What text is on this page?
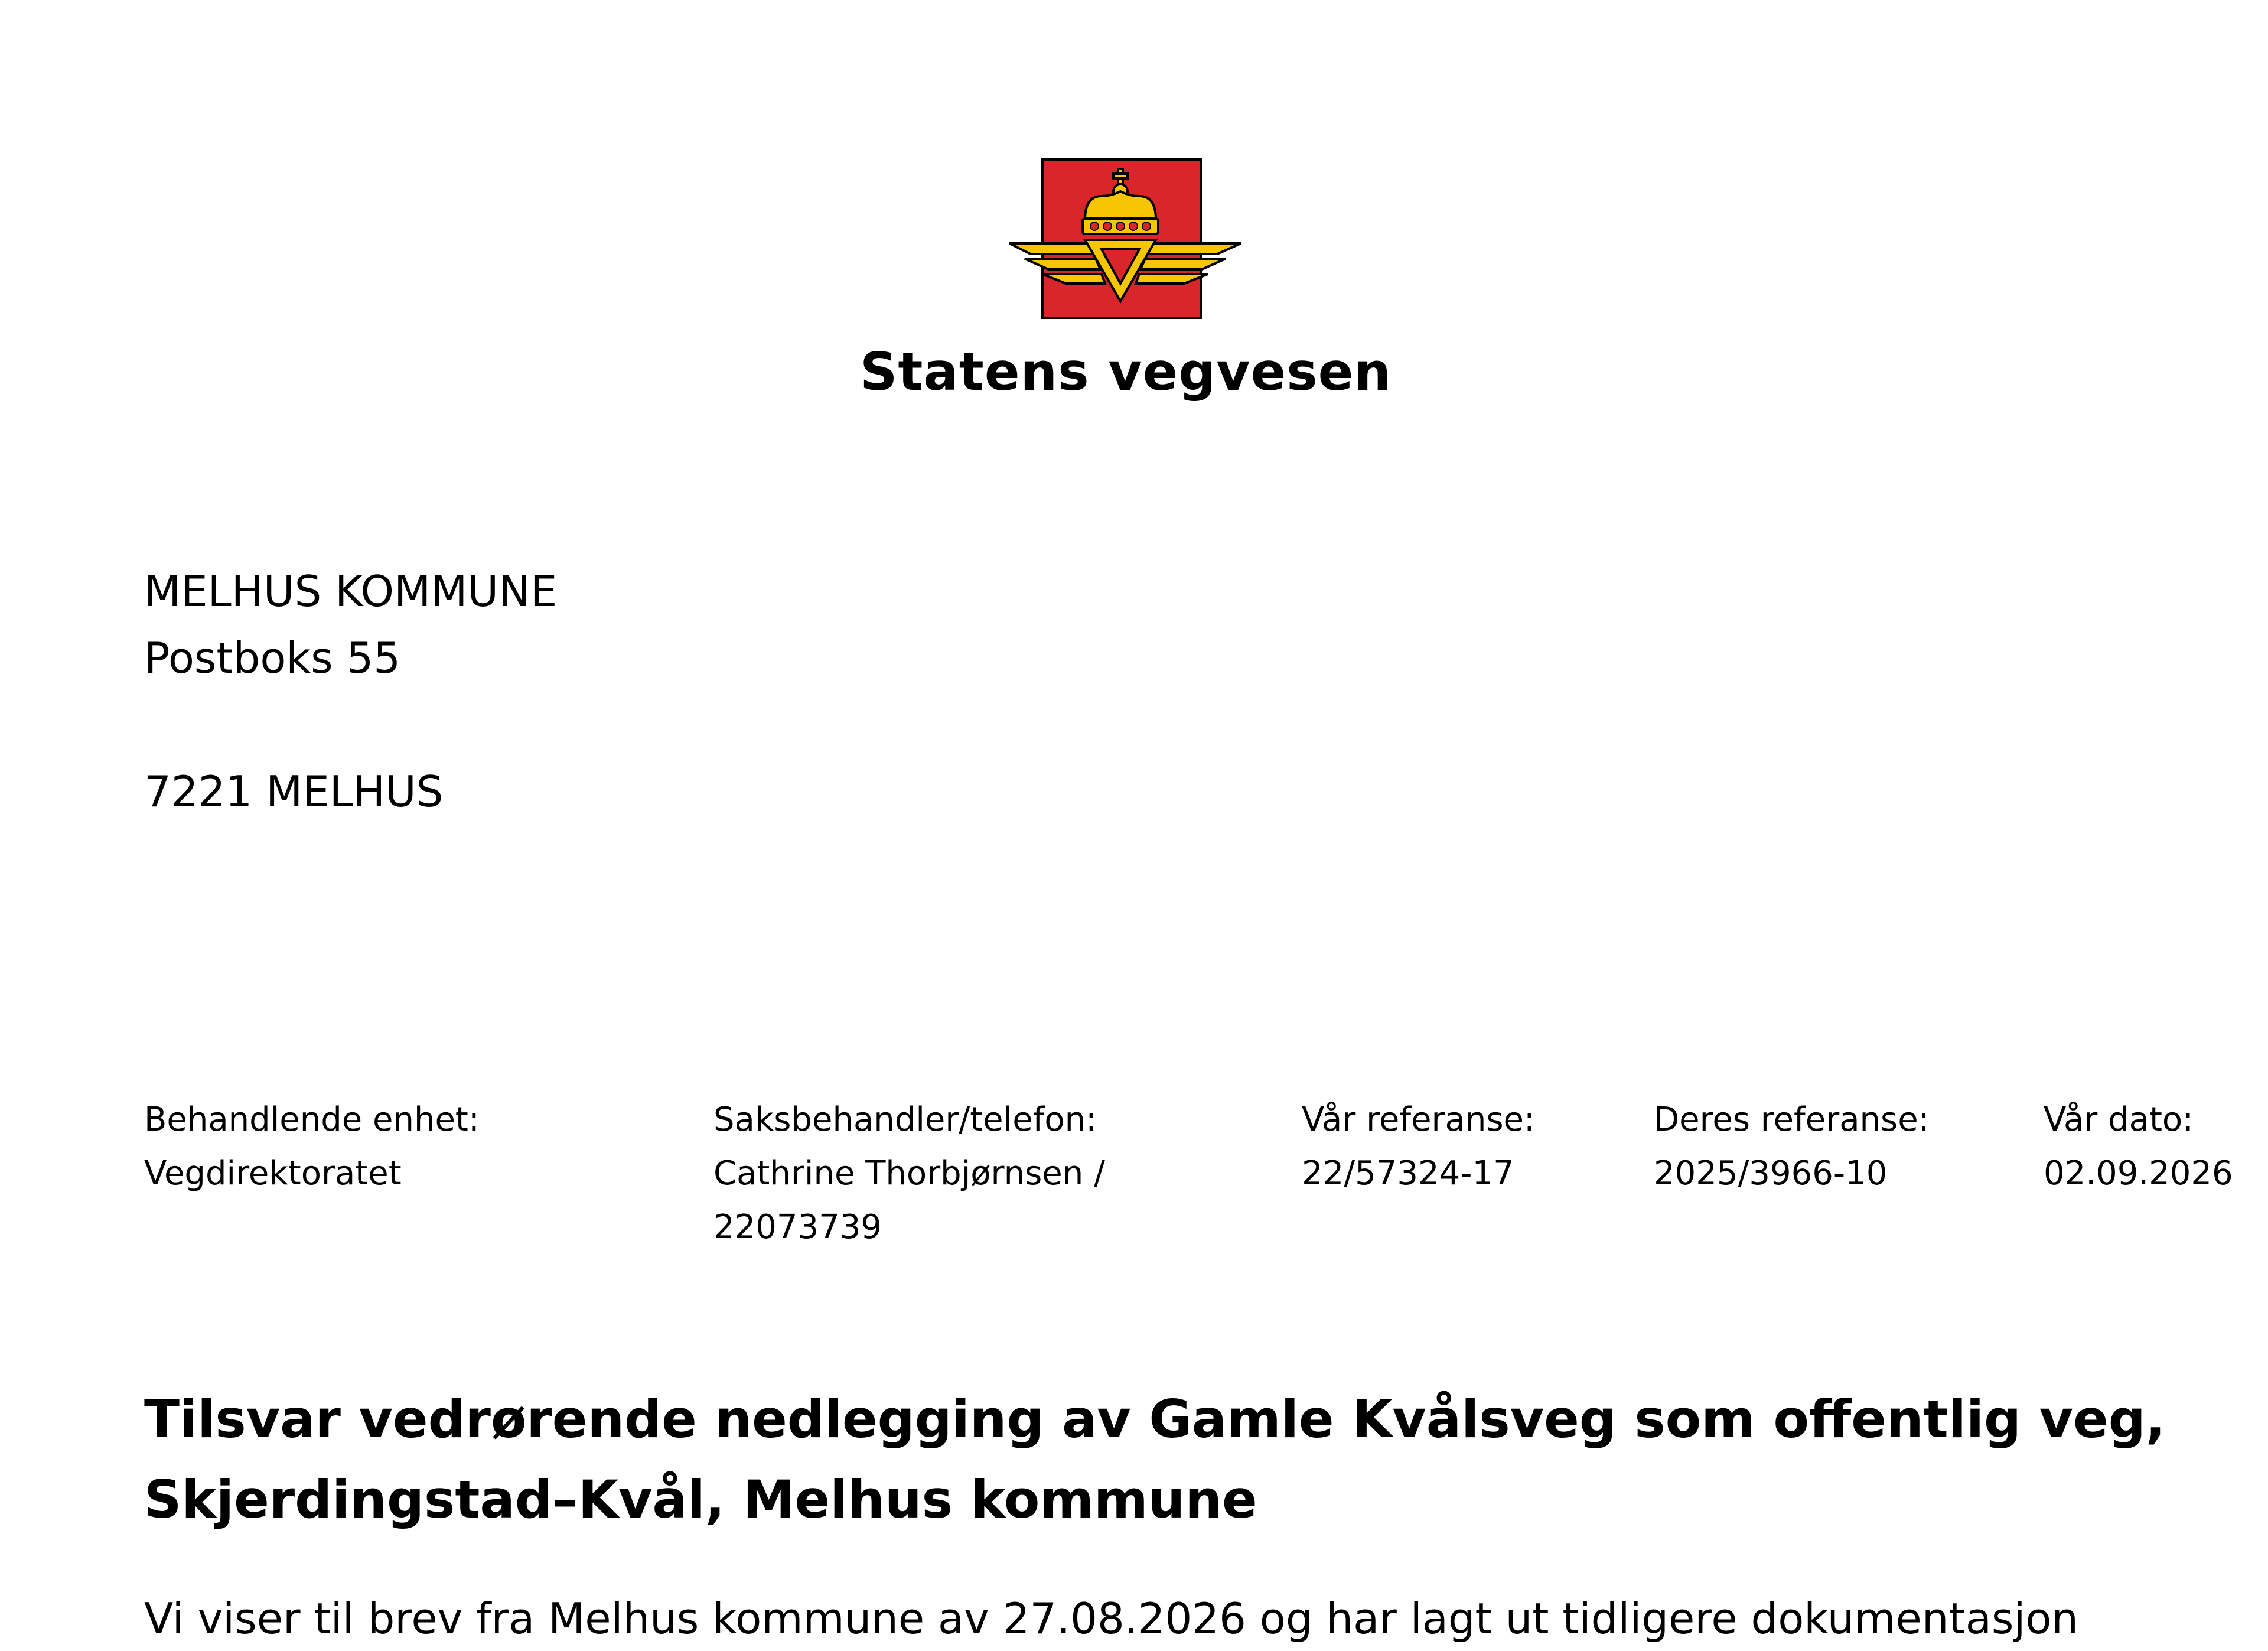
Statens vegvesen
MELHUS KOMMUNE
Postboks 55
7221 MELHUS
Behandlende enhet:
Vegdirektoratet
Saksbehandler/telefon:
Cathrine Thorbjørnsen /
22073739
Vår referanse:
22/57324-17
Deres referanse:
2025/3966-10
Vår dato:
02.09.2026
Tilsvar vedrørende nedlegging av Gamle Kvålsveg som offentlig veg,
Skjerdingstad–Kvål, Melhus kommune
Vi viser til brev fra Melhus kommune av 27.08.2026 og har lagt ut tidligere dokumentasjon
